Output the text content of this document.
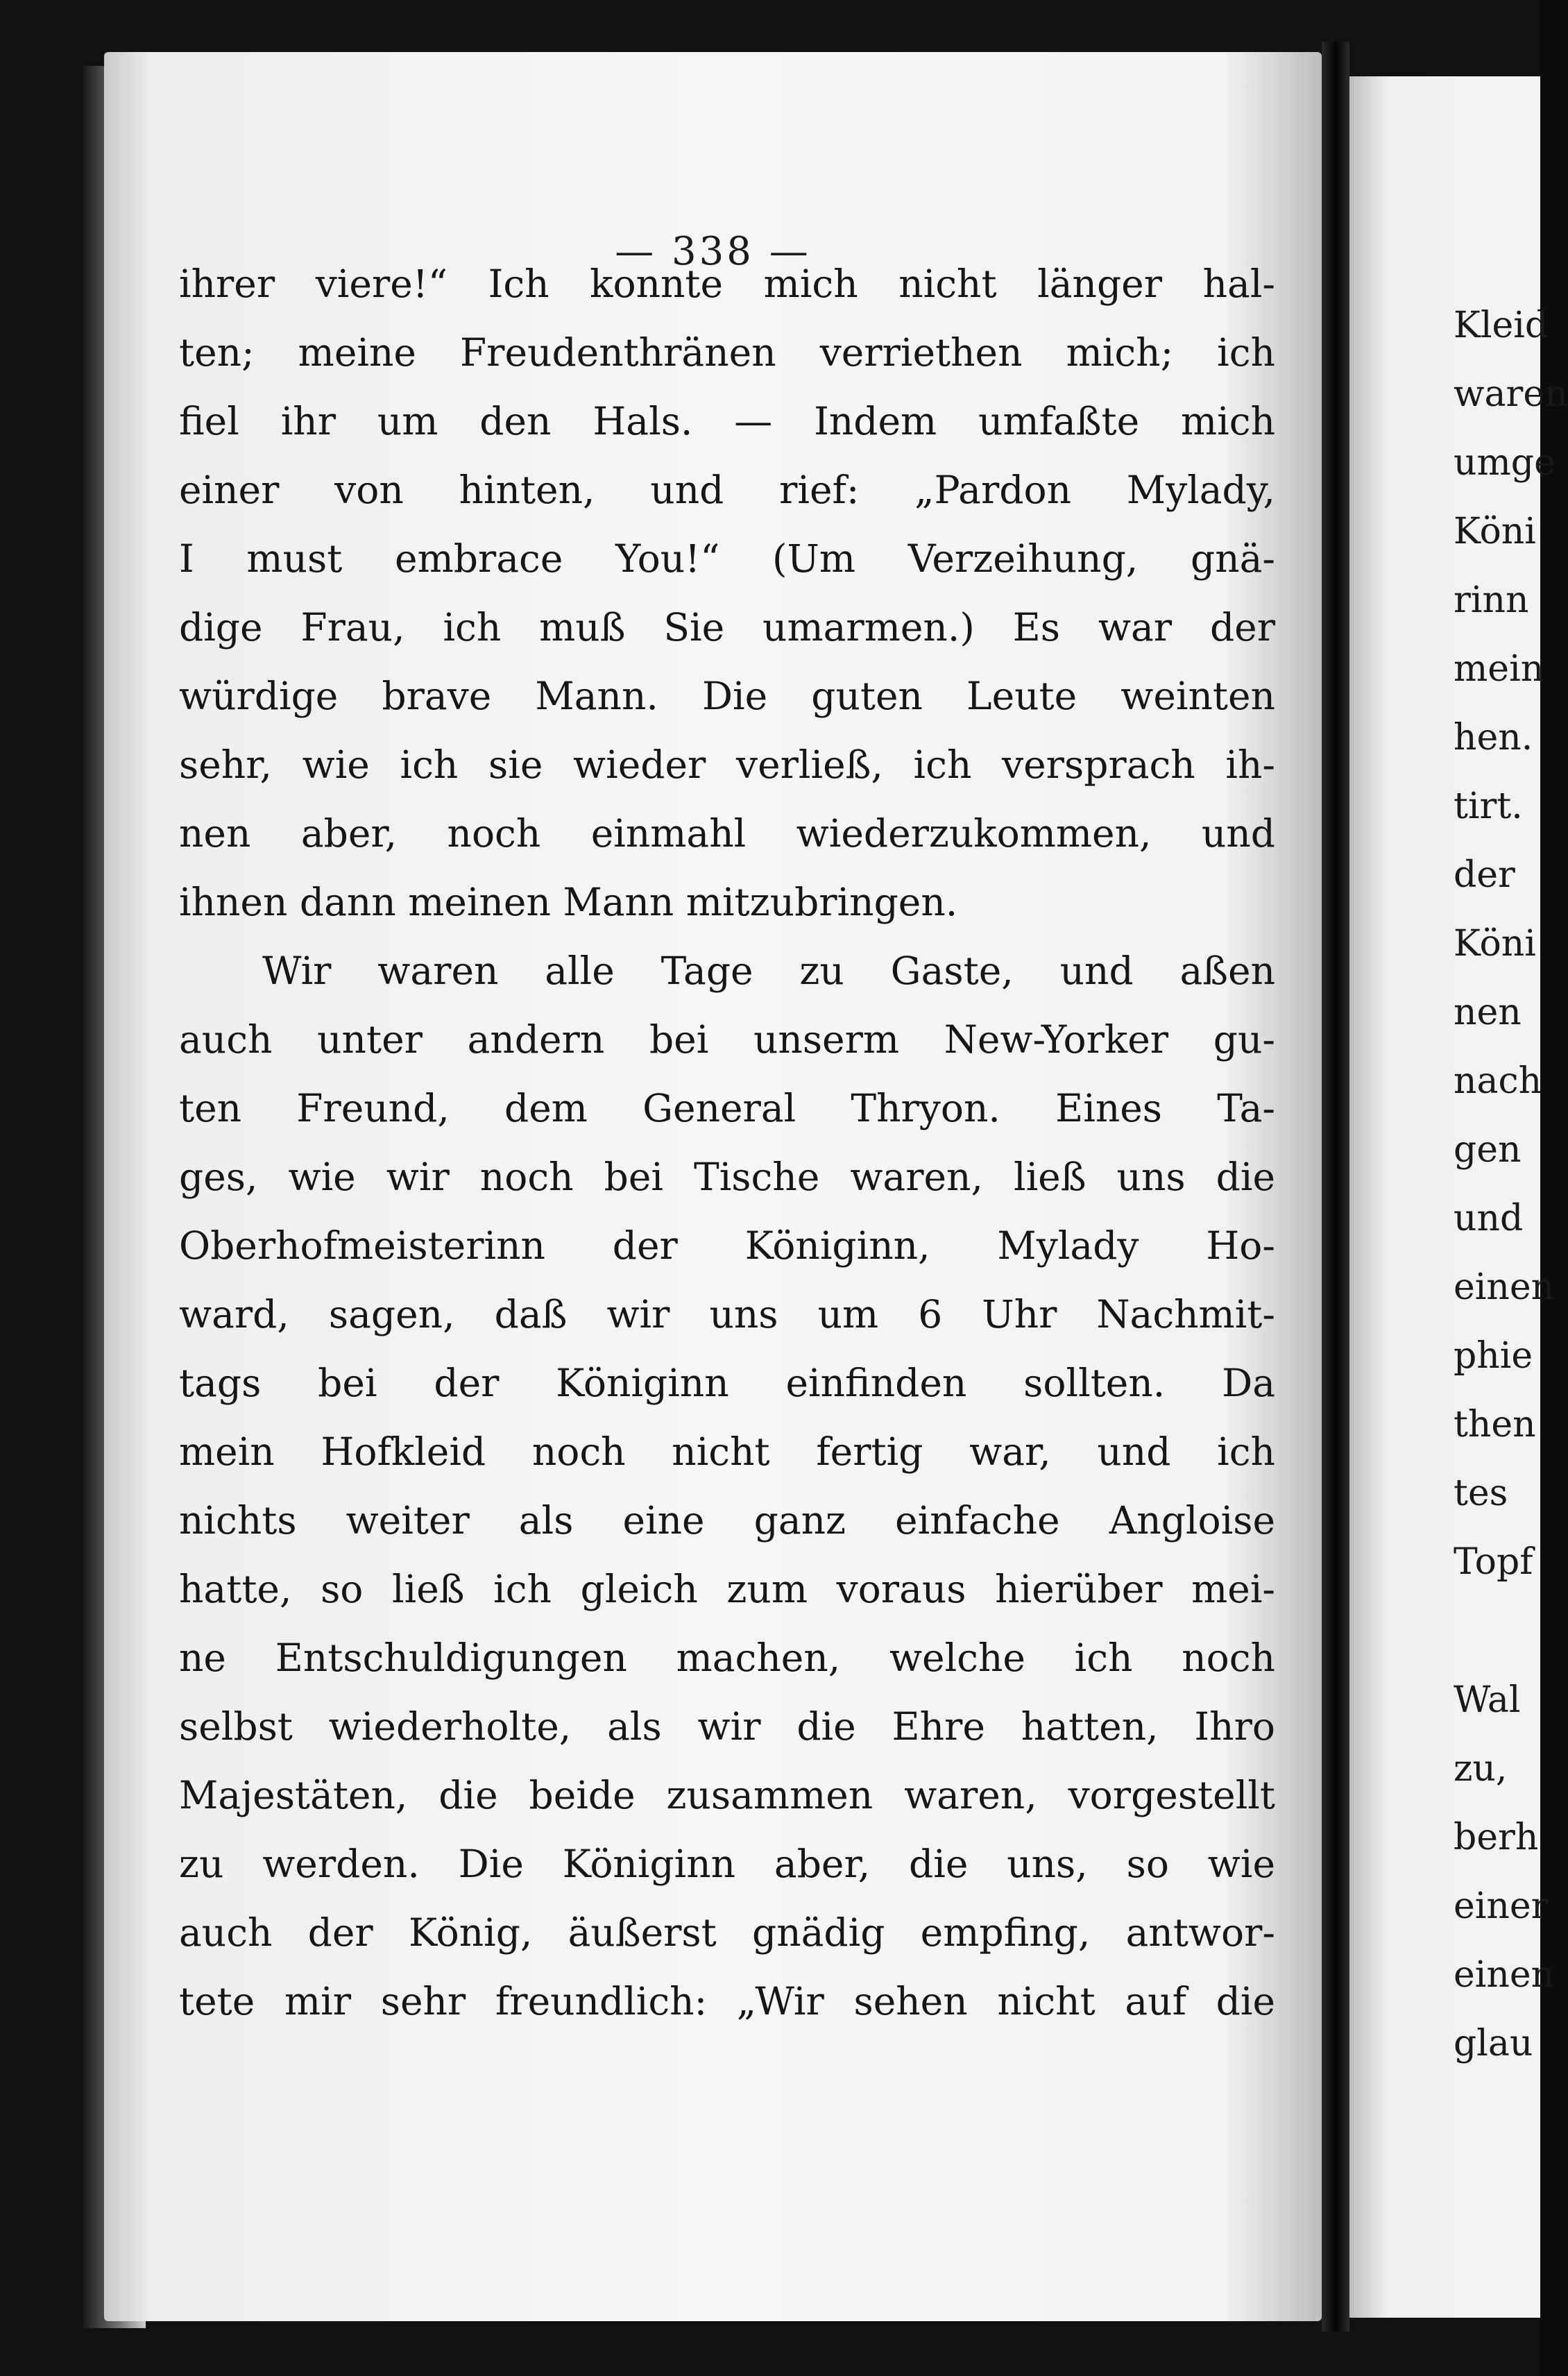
— 338 —
ihrer viere!“ Ich konnte mich nicht länger hal-
ten; meine Freudenthränen verriethen mich; ich
fiel ihr um den Hals. — Indem umfaßte mich
einer von hinten, und rief: „Pardon Mylady,
I must embrace You!“ (Um Verzeihung, gnä-
dige Frau, ich muß Sie umarmen.) Es war der
würdige brave Mann. Die guten Leute weinten
sehr, wie ich sie wieder verließ, ich versprach ih-
nen aber, noch einmahl wiederzukommen, und
ihnen dann meinen Mann mitzubringen.
Wir waren alle Tage zu Gaste, und aßen
auch unter andern bei unserm New-Yorker gu-
ten Freund, dem General Thryon. Eines Ta-
ges, wie wir noch bei Tische waren, ließ uns die
Oberhofmeisterinn der Königinn, Mylady Ho-
ward, sagen, daß wir uns um 6 Uhr Nachmit-
tags bei der Königinn einfinden sollten. Da
mein Hofkleid noch nicht fertig war, und ich
nichts weiter als eine ganz einfache Angloise
hatte, so ließ ich gleich zum voraus hierüber mei-
ne Entschuldigungen machen, welche ich noch
selbst wiederholte, als wir die Ehre hatten, Ihro
Majestäten, die beide zusammen waren, vorgestellt
zu werden. Die Königinn aber, die uns, so wie
auch der König, äußerst gnädig empfing, antwor-
tete mir sehr freundlich: „Wir sehen nicht auf die
Kleid
waren
umge
Köni
rinn
mein
hen.
tirt.
der
Köni
nen
nach
gen
und
einen
phie
then
tes
Topf
Wal
zu,
berh
einer
einen
glau
